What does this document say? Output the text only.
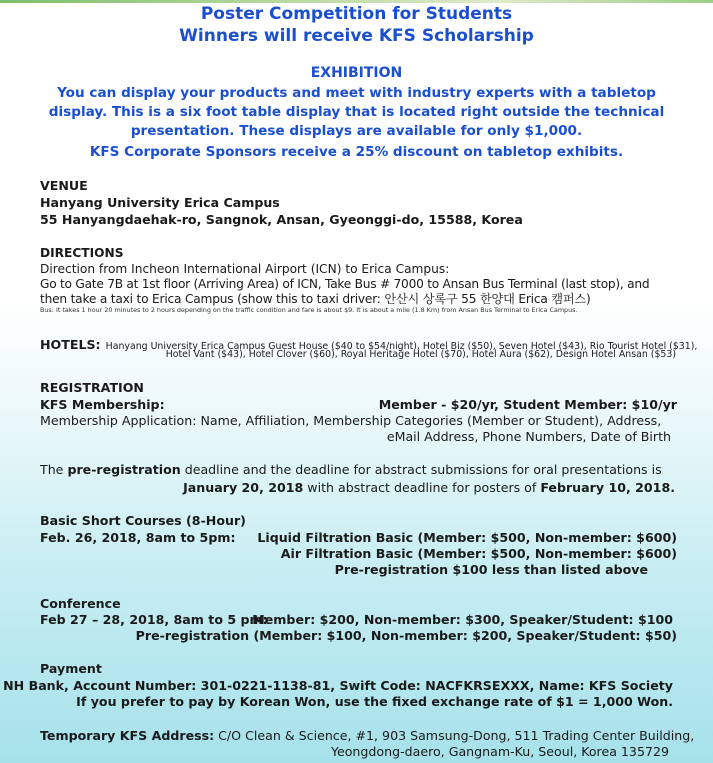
Poster Competition for Students
Winners will receive KFS Scholarship
EXHIBITION
You can display your products and meet with industry experts with a tabletop
display. This is a six foot table display that is located right outside the technical
presentation. These displays are available for only $1,000.
KFS Corporate Sponsors receive a 25% discount on tabletop exhibits.
VENUE
Hanyang University Erica Campus
55 Hanyangdaehak-ro, Sangnok, Ansan, Gyeonggi-do, 15588, Korea
DIRECTIONS
Direction from Incheon International Airport (ICN) to Erica Campus:
Go to Gate 7B at 1st floor (Arriving Area) of ICN, Take Bus # 7000 to Ansan Bus Terminal (last stop), and
then take a taxi to Erica Campus (show this to taxi driver: 안산시 상록구 55 한양대 Erica 캠퍼스)
Bus: It takes 1 hour 20 minutes to 2 hours depending on the traffic condition and fare is about $9. It is about a mile (1.8 Km) from Ansan Bus Terminal to Erica Campus.
HOTELS: Hanyang University Erica Campus Guest House ($40 to $54/night), Hotel Biz ($50), Seven Hotel ($43), Rio Tourist Hotel ($31),
Hotel Vant ($43), Hotel Clover ($60), Royal Heritage Hotel ($70), Hotel Aura ($62), Design Hotel Ansan ($53)
REGISTRATION
KFS Membership:	Member - $20/yr, Student Member: $10/yr
Membership Application: Name, Affiliation, Membership Categories (Member or Student), Address,
eMail Address, Phone Numbers, Date of Birth
The pre-registration deadline and the deadline for abstract submissions for oral presentations is
January 20, 2018 with abstract deadline for posters of February 10, 2018.
Basic Short Courses (8-Hour)
Feb. 26, 2018, 8am to 5pm: Liquid Filtration Basic (Member: $500, Non-member: $600)
Air Filtration Basic (Member: $500, Non-member: $600)
Pre-registration $100 less than listed above
Conference
Feb 27 – 28, 2018, 8am to 5 pm:
Member: $200, Non-member: $300, Speaker/Student: $100
Pre-registration (Member: $100, Non-member: $200, Speaker/Student: $50)
Payment
NH Bank, Account Number: 301-0221-1138-81, Swift Code: NACFKRSEXXX, Name: KFS Society
If you prefer to pay by Korean Won, use the fixed exchange rate of $1 = 1,000 Won.
Temporary KFS Address: C/O Clean & Science, #1, 903 Samsung-Dong, 511 Trading Center Building,
Yeongdong-daero, Gangnam-Ku, Seoul, Korea 135729
